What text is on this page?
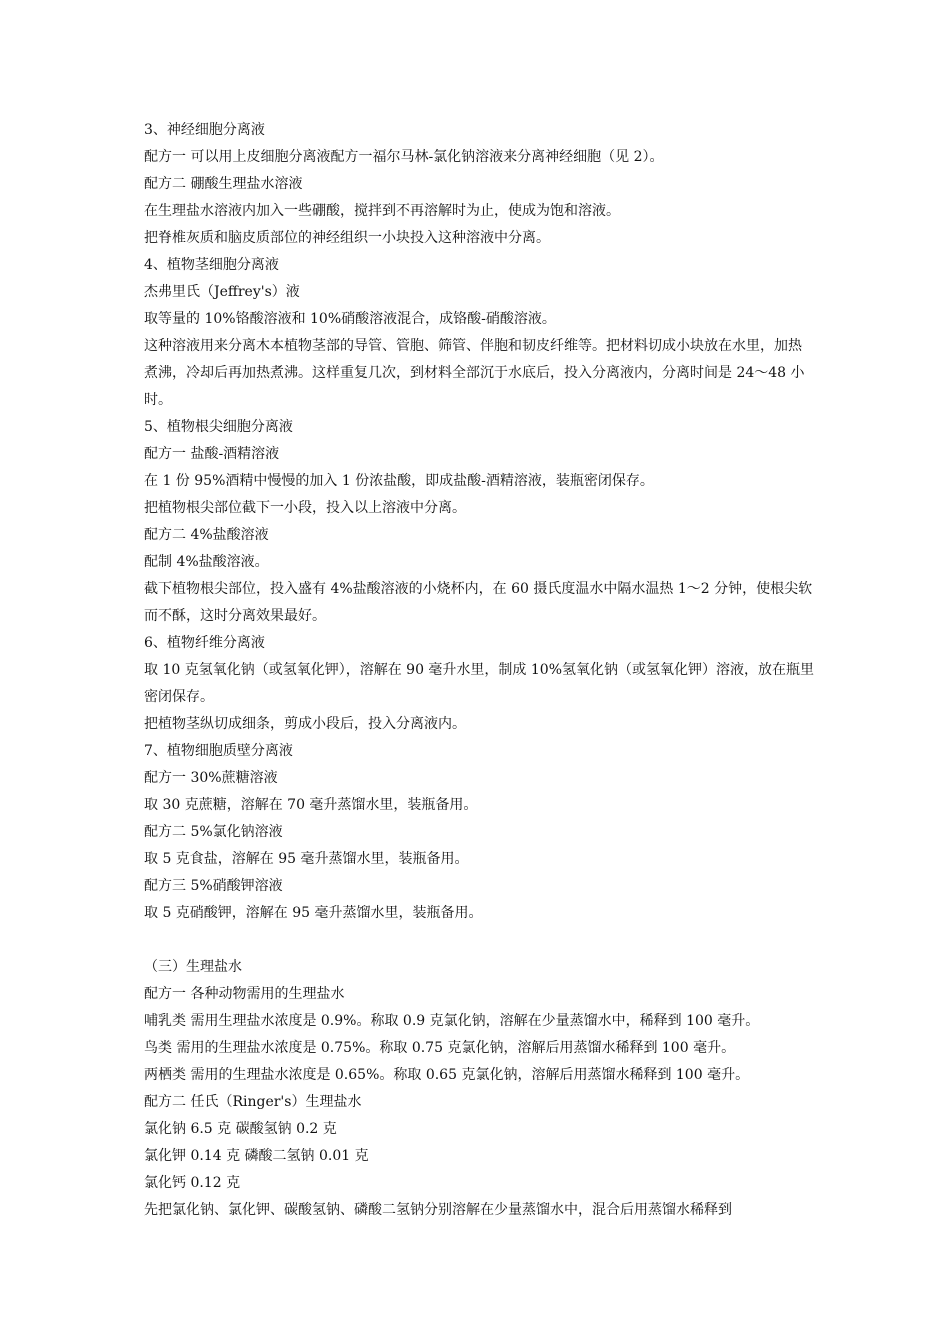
3、神经细胞分离液

配方一 可以用上皮细胞分离液配方一福尔马林-氯化钠溶液来分离神经细胞（见 2）。

配方二 硼酸生理盐水溶液

在生理盐水溶液内加入一些硼酸，搅拌到不再溶解时为止，使成为饱和溶液。

把脊椎灰质和脑皮质部位的神经组织一小块投入这种溶液中分离。

4、植物茎细胞分离液

杰弗里氏（Jeffrey's）液

取等量的 10%铬酸溶液和 10%硝酸溶液混合，成铬酸-硝酸溶液。

这种溶液用来分离木本植物茎部的导管、管胞、筛管、伴胞和韧皮纤维等。把材料切成小块放在水里，加热煮沸，冷却后再加热煮沸。这样重复几次，到材料全部沉于水底后，投入分离液内，分离时间是 24～48 小时。

5、植物根尖细胞分离液

配方一 盐酸-酒精溶液

在 1 份 95%酒精中慢慢的加入 1 份浓盐酸，即成盐酸-酒精溶液，装瓶密闭保存。

把植物根尖部位截下一小段，投入以上溶液中分离。

配方二 4%盐酸溶液

配制 4%盐酸溶液。

截下植物根尖部位，投入盛有 4%盐酸溶液的小烧杯内，在 60 摄氏度温水中隔水温热 1～2 分钟，使根尖软而不酥，这时分离效果最好。

6、植物纤维分离液

取 10 克氢氧化钠（或氢氧化钾），溶解在 90 毫升水里，制成 10%氢氧化钠（或氢氧化钾）溶液，放在瓶里密闭保存。

把植物茎纵切成细条，剪成小段后，投入分离液内。

7、植物细胞质壁分离液

配方一 30%蔗糖溶液

取 30 克蔗糖，溶解在 70 毫升蒸馏水里，装瓶备用。

配方二 5%氯化钠溶液

取 5 克食盐，溶解在 95 毫升蒸馏水里，装瓶备用。

配方三 5%硝酸钾溶液

取 5 克硝酸钾，溶解在 95 毫升蒸馏水里，装瓶备用。

（三）生理盐水

配方一 各种动物需用的生理盐水

哺乳类 需用生理盐水浓度是 0.9%。称取 0.9 克氯化钠，溶解在少量蒸馏水中，稀释到 100 毫升。

鸟类 需用的生理盐水浓度是 0.75%。称取 0.75 克氯化钠，溶解后用蒸馏水稀释到 100 毫升。

两栖类 需用的生理盐水浓度是 0.65%。称取 0.65 克氯化钠，溶解后用蒸馏水稀释到 100 毫升。

配方二 任氏（Ringer's）生理盐水

氯化钠 6.5 克 碳酸氢钠 0.2 克

氯化钾 0.14 克 磷酸二氢钠 0.01 克

氯化钙 0.12 克

先把氯化钠、氯化钾、碳酸氢钠、磷酸二氢钠分别溶解在少量蒸馏水中，混合后用蒸馏水稀释到
